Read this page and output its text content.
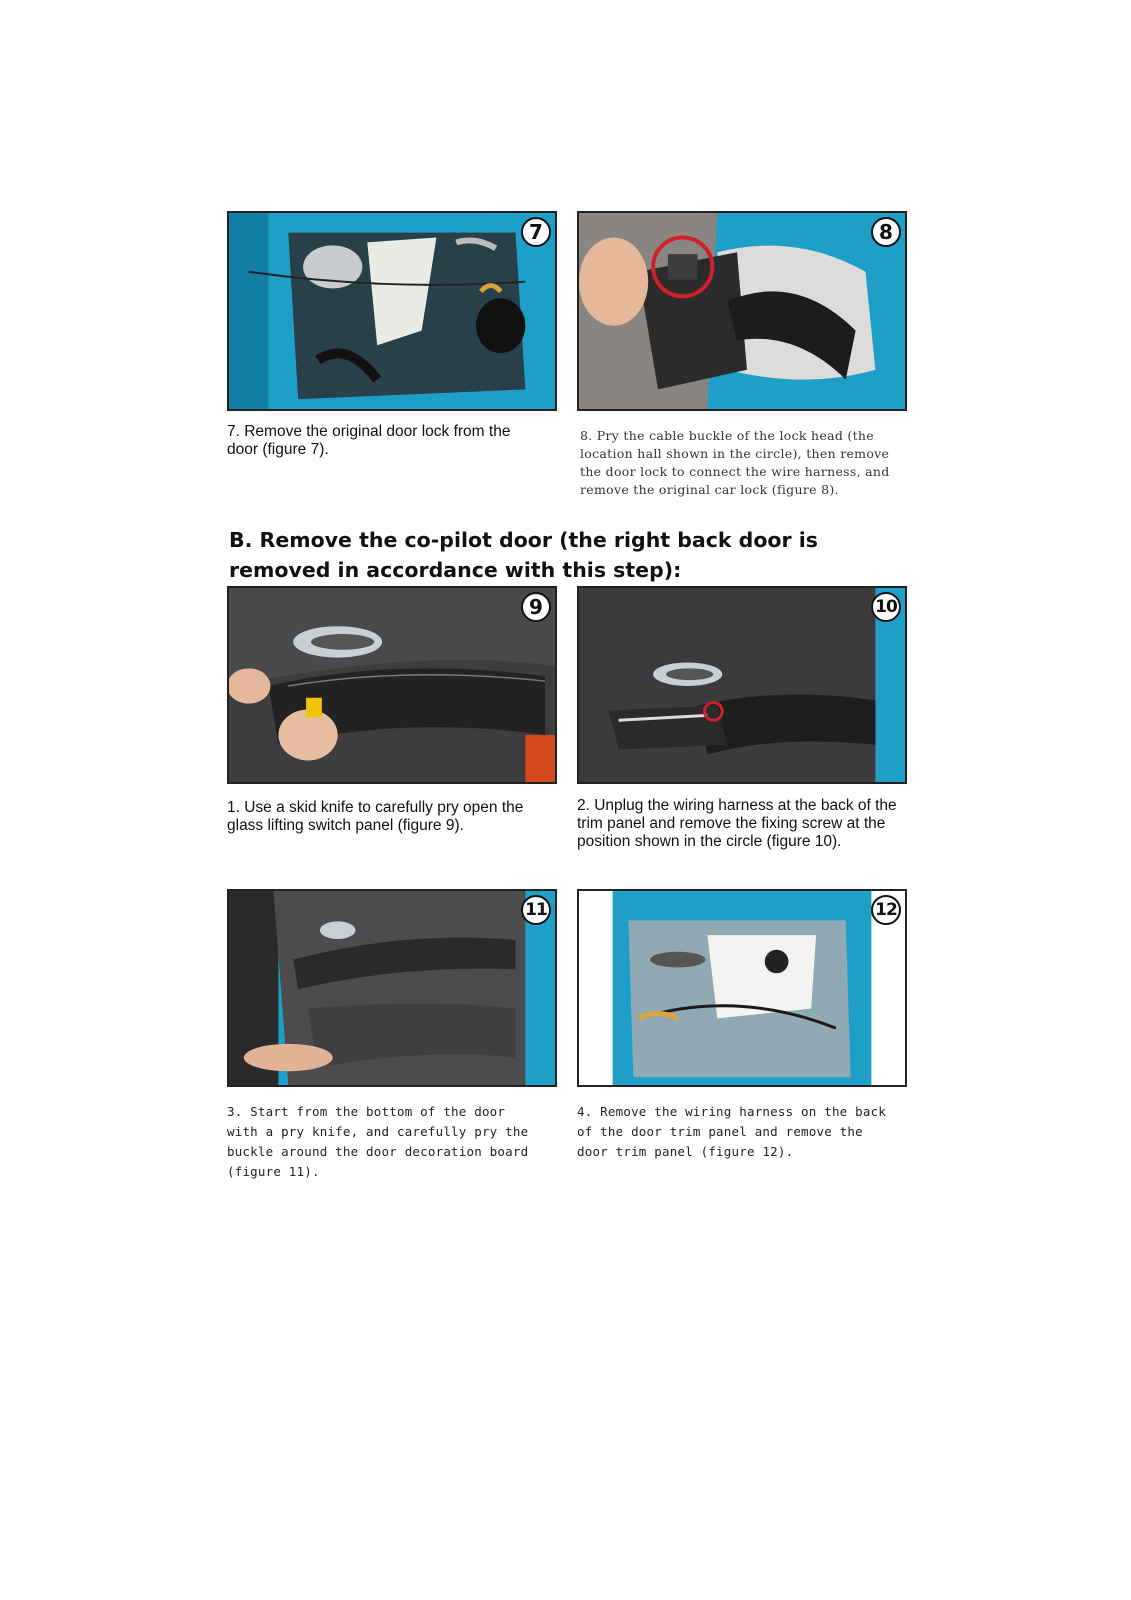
7	8
7. Remove the original door lock from the door (figure 7).
8. Pry the cable buckle of the lock head (the location hall shown in the circle), then remove the door lock to connect the wire harness, and remove the original car lock (figure 8).
B. Remove the co-pilot door (the right back door is removed in accordance with this step):
9	10
1. Use a skid knife to carefully pry open the glass lifting switch panel (figure 9).
2. Unplug the wiring harness at the back of the trim panel and remove the fixing screw at the position shown in the circle (figure 10).
11	12
3. Start from the bottom of the door with a pry knife, and carefully pry the buckle around the door decoration board (figure 11).
4. Remove the wiring harness on the back of the door trim panel and remove the door trim panel (figure 12).
